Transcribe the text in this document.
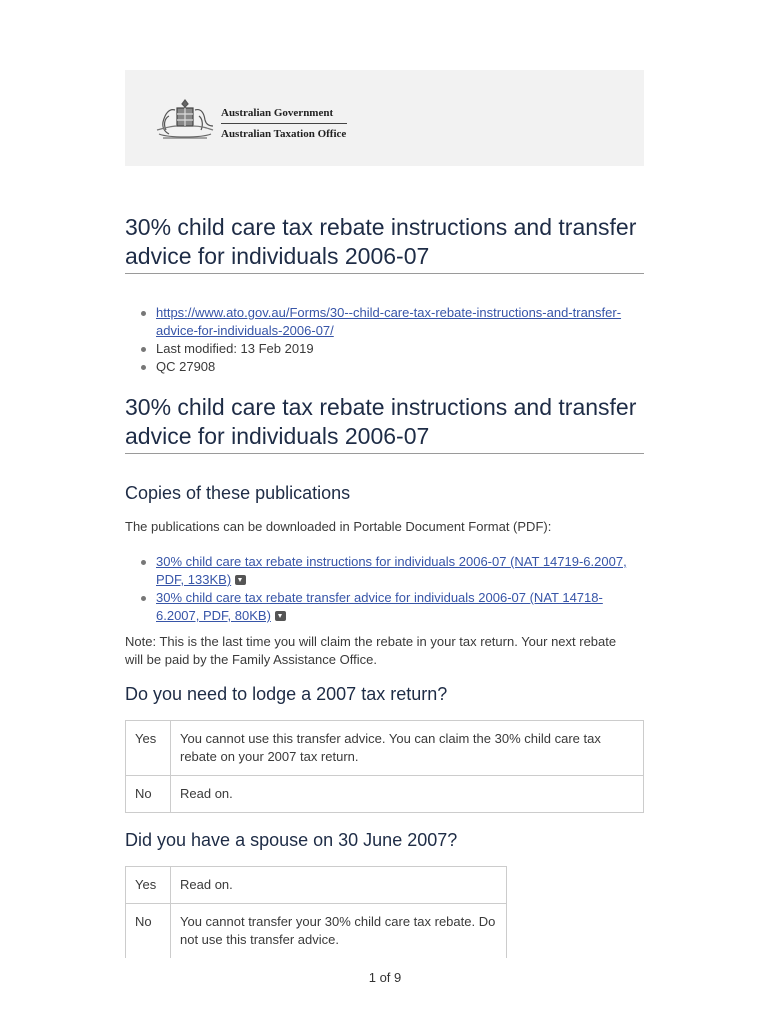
Australian Government
Australian Taxation Office
30% child care tax rebate instructions and transfer advice for individuals 2006-07
https://www.ato.gov.au/Forms/30--child-care-tax-rebate-instructions-and-transfer-advice-for-individuals-2006-07/
Last modified: 13 Feb 2019
QC 27908
30% child care tax rebate instructions and transfer advice for individuals 2006-07
Copies of these publications

The publications can be downloaded in Portable Document Format (PDF):

30% child care tax rebate instructions for individuals 2006-07 (NAT 14719-6.2007, PDF, 133KB)
30% child care tax rebate transfer advice for individuals 2006-07 (NAT 14718-6.2007, PDF, 80KB)

Note: This is the last time you will claim the rebate in your tax return. Your next rebate will be paid by the Family Assistance Office.

Do you need to lodge a 2007 tax return?
Yes	You cannot use this transfer advice. You can claim the 30% child care tax rebate on your 2007 tax return.
No	Read on.
Did you have a spouse on 30 June 2007?
Yes	Read on.
No	You cannot transfer your 30% child care tax rebate. Do not use this transfer advice.
1 of 9
